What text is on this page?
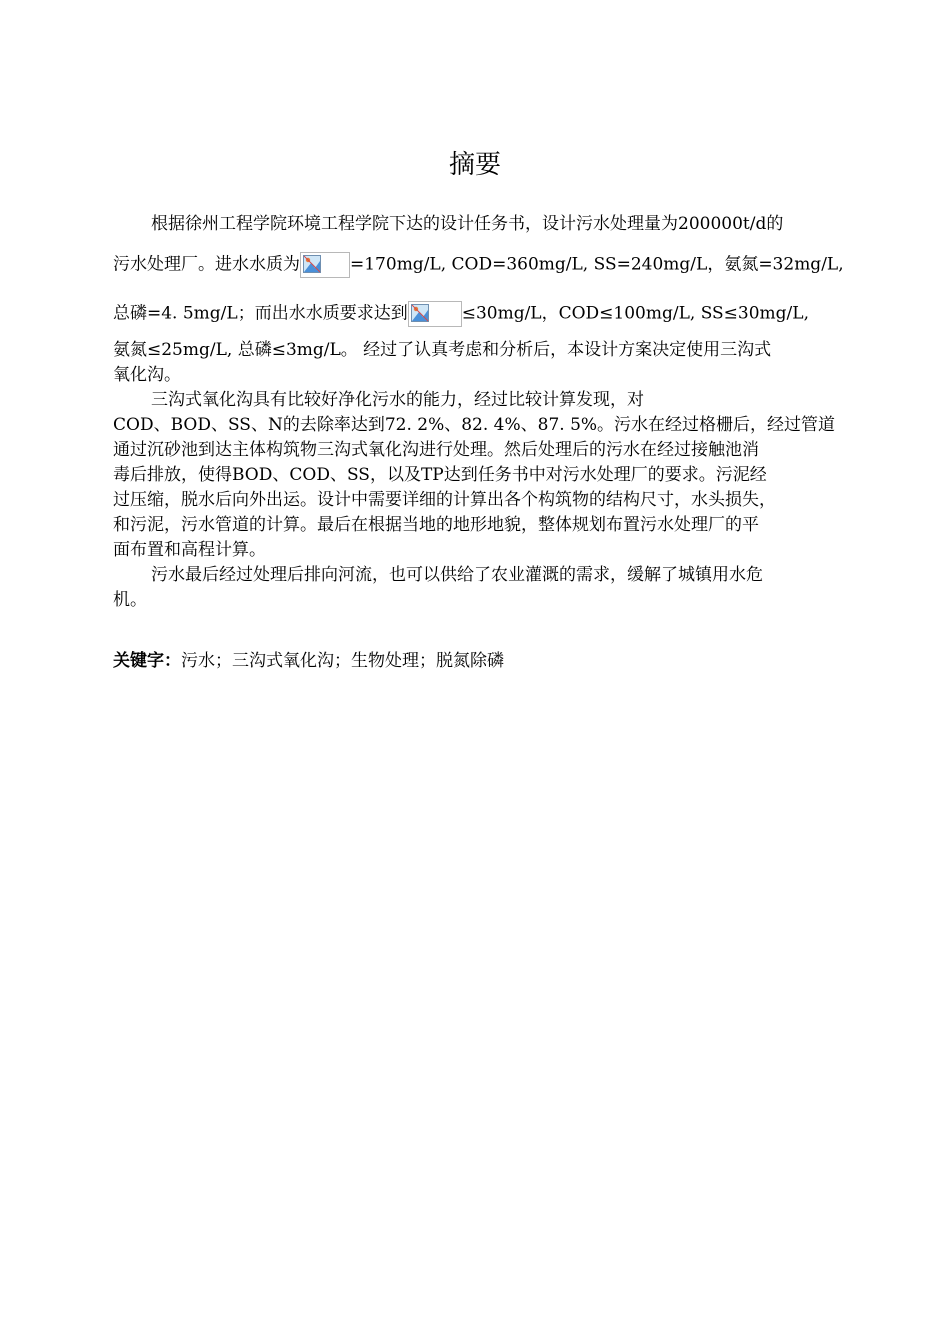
摘要
根据徐州工程学院环境工程学院下达的设计任务书，设计污水处理量为200000t/d的
污水处理厂。进水水质为	=170mg/L, COD=360mg/L, SS=240mg/L，氨氮=32mg/L,
总磷=4. 5mg/L；而出水水质要求达到	≤30mg/L，COD≤100mg/L, SS≤30mg/L,
氨氮≤25mg/L, 总磷≤3mg/L。 经过了认真考虑和分析后，本设计方案决定使用三沟式
氧化沟。
三沟式氧化沟具有比较好净化污水的能力，经过比较计算发现，对
COD、BOD、SS、N的去除率达到72. 2%、82. 4%、87. 5%。污水在经过格栅后，经过管道
通过沉砂池到达主体构筑物三沟式氧化沟进行处理。然后处理后的污水在经过接触池消
毒后排放，使得BOD、COD、SS，以及TP达到任务书中对污水处理厂的要求。污泥经
过压缩，脱水后向外出运。设计中需要详细的计算出各个构筑物的结构尺寸，水头损失，
和污泥，污水管道的计算。最后在根据当地的地形地貌，整体规划布置污水处理厂的平
面布置和高程计算。
污水最后经过处理后排向河流，也可以供给了农业灌溉的需求，缓解了城镇用水危
机。
关键字：污水；三沟式氧化沟；生物处理；脱氮除磷
